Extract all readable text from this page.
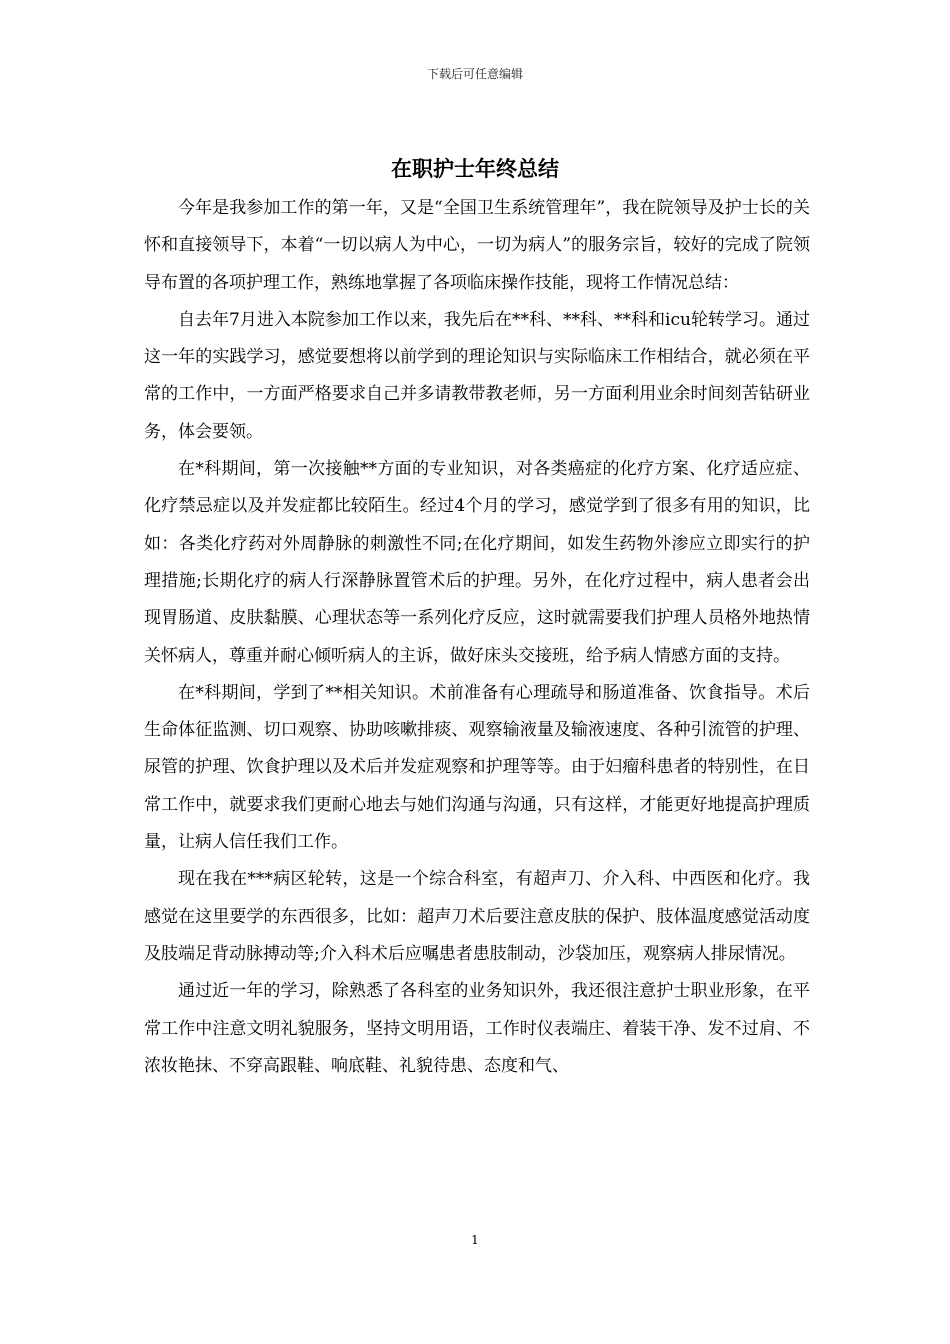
下载后可任意编辑
在职护士年终总结

今年是我参加工作的第一年，又是“全国卫生系统管理年”，我在院领导及护士长的关怀和直接领导下，本着“一切以病人为中心，一切为病人”的服务宗旨，较好的完成了院领导布置的各项护理工作，熟练地掌握了各项临床操作技能，现将工作情况总结：

自去年7月进入本院参加工作以来，我先后在**科、**科、**科和icu轮转学习。通过这一年的实践学习，感觉要想将以前学到的理论知识与实际临床工作相结合，就必须在平常的工作中，一方面严格要求自己并多请教带教老师，另一方面利用业余时间刻苦钻研业务，体会要领。

在*科期间，第一次接触**方面的专业知识，对各类癌症的化疗方案、化疗适应症、化疗禁忌症以及并发症都比较陌生。经过4个月的学习，感觉学到了很多有用的知识，比如：各类化疗药对外周静脉的刺激性不同;在化疗期间，如发生药物外渗应立即实行的护理措施;长期化疗的病人行深静脉置管术后的护理。另外，在化疗过程中，病人患者会出现胃肠道、皮肤黏膜、心理状态等一系列化疗反应，这时就需要我们护理人员格外地热情关怀病人，尊重并耐心倾听病人的主诉，做好床头交接班，给予病人情感方面的支持。

在*科期间，学到了**相关知识。术前准备有心理疏导和肠道准备、饮食指导。术后生命体征监测、切口观察、协助咳嗽排痰、观察输液量及输液速度、各种引流管的护理、尿管的护理、饮食护理以及术后并发症观察和护理等等。由于妇瘤科患者的特别性，在日常工作中，就要求我们更耐心地去与她们沟通与沟通，只有这样，才能更好地提高护理质量，让病人信任我们工作。

现在我在***病区轮转，这是一个综合科室，有超声刀、介入科、中西医和化疗。我感觉在这里要学的东西很多，比如：超声刀术后要注意皮肤的保护、肢体温度感觉活动度及肢端足背动脉搏动等;介入科术后应嘱患者患肢制动，沙袋加压，观察病人排尿情况。

通过近一年的学习，除熟悉了各科室的业务知识外，我还很注意护士职业形象，在平常工作中注意文明礼貌服务，坚持文明用语，工作时仪表端庄、着装干净、发不过肩、不浓妆艳抹、不穿高跟鞋、响底鞋、礼貌待患、态度和气、

1
